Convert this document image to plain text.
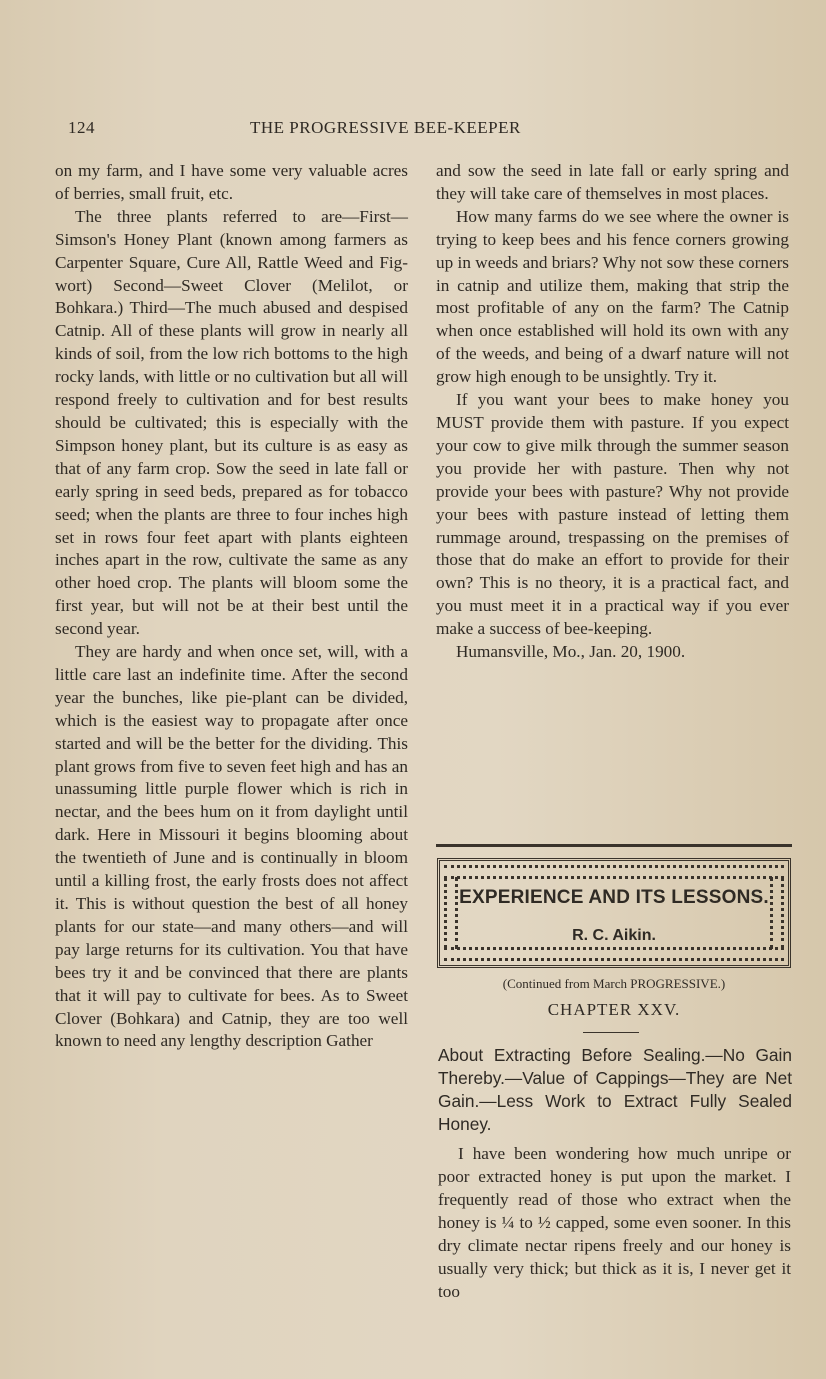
124	THE PROGRESSIVE BEE-KEEPER

on my farm, and I have some very valuable acres of berries, small fruit, etc.

The three plants referred to are—First—Simson's Honey Plant (known among farmers as Carpenter Square, Cure All, Rattle Weed and Fig-wort) Second—Sweet Clover (Melilot, or Bohkara.) Third—The much abused and despised Catnip. All of these plants will grow in nearly all kinds of soil, from the low rich bottoms to the high rocky lands, with little or no cultivation but all will respond freely to cultivation and for best results should be cultivated; this is especially with the Simpson honey plant, but its culture is as easy as that of any farm crop. Sow the seed in late fall or early spring in seed beds, prepared as for tobacco seed; when the plants are three to four inches high set in rows four feet apart with plants eighteen inches apart in the row, cultivate the same as any other hoed crop. The plants will bloom some the first year, but will not be at their best until the second year.

They are hardy and when once set, will, with a little care last an indefinite time. After the second year the bunches, like pie-plant can be divided, which is the easiest way to propagate after once started and will be the better for the dividing. This plant grows from five to seven feet high and has an unassuming little purple flower which is rich in nectar, and the bees hum on it from daylight until dark. Here in Missouri it begins blooming about the twentieth of June and is continually in bloom until a killing frost, the early frosts does not affect it. This is without question the best of all honey plants for our state—and many others—and will pay large returns for its cultivation. You that have bees try it and be convinced that there are plants that it will pay to cultivate for bees. As to Sweet Clover (Bohkara) and Catnip, they are too well known to need any lengthy description Gather

and sow the seed in late fall or early spring and they will take care of themselves in most places.

How many farms do we see where the owner is trying to keep bees and his fence corners growing up in weeds and briars? Why not sow these corners in catnip and utilize them, making that strip the most profitable of any on the farm? The Catnip when once established will hold its own with any of the weeds, and being of a dwarf nature will not grow high enough to be unsightly. Try it.

If you want your bees to make honey you MUST provide them with pasture. If you expect your cow to give milk through the summer season you provide her with pasture. Then why not provide your bees with pasture? Why not provide your bees with pasture instead of letting them rummage around, trespassing on the premises of those that do make an effort to provide for their own? This is no theory, it is a practical fact, and you must meet it in a practical way if you ever make a success of bee-keeping.

Humansville, Mo., Jan. 20, 1900.

EXPERIENCE AND ITS LESSONS.
R. C. Aikin.
(Continued from March PROGRESSIVE.)
CHAPTER XXV.
About Extracting Before Sealing.—No Gain Thereby.—Value of Cappings—They are Net Gain.—Less Work to Extract Fully Sealed Honey.

I have been wondering how much unripe or poor extracted honey is put upon the market. I frequently read of those who extract when the honey is ¼ to ½ capped, some even sooner. In this dry climate nectar ripens freely and our honey is usually very thick; but thick as it is, I never get it too
